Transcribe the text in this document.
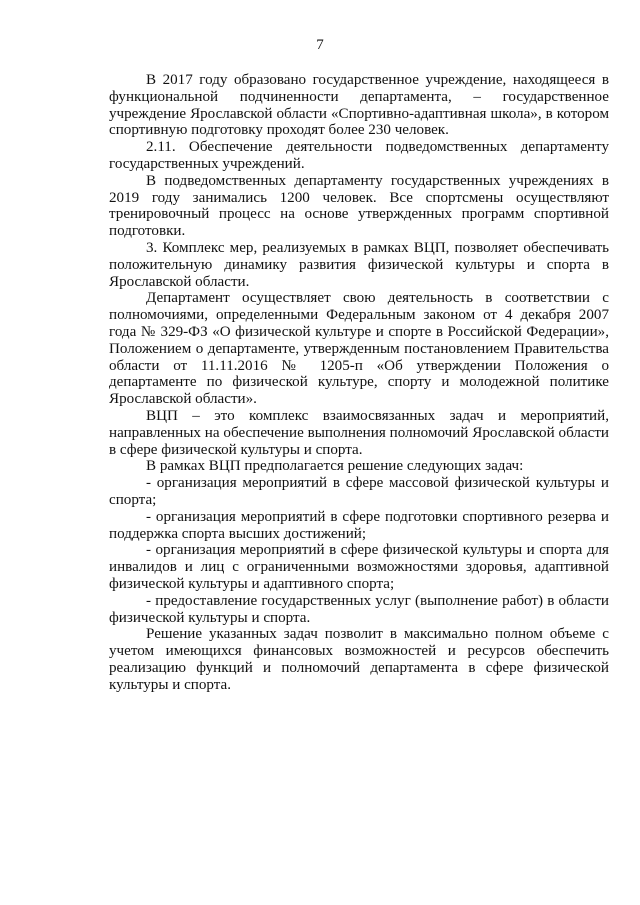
7

В 2017 году образовано государственное учреждение, находящееся в функциональной подчиненности департамента, – государственное учреждение Ярославской области «Спортивно-адаптивная школа», в котором спортивную подготовку проходят более 230 человек.

2.11. Обеспечение деятельности подведомственных департаменту государственных учреждений.

В подведомственных департаменту государственных учреждениях в 2019 году занимались 1200 человек. Все спортсмены осуществляют тренировочный процесс на основе утвержденных программ спортивной подготовки.

3. Комплекс мер, реализуемых в рамках ВЦП, позволяет обеспечивать положительную динамику развития физической культуры и спорта в Ярославской области.

Департамент осуществляет свою деятельность в соответствии с полномочиями, определенными Федеральным законом от 4 декабря 2007 года № 329-ФЗ «О физической культуре и спорте в Российской Федерации», Положением о департаменте, утвержденным постановлением Правительства области от 11.11.2016 № 1205-п «Об утверждении Положения о департаменте по физической культуре, спорту и молодежной политике Ярославской области».

ВЦП – это комплекс взаимосвязанных задач и мероприятий, направленных на обеспечение выполнения полномочий Ярославской области в сфере физической культуры и спорта.

В рамках ВЦП предполагается решение следующих задач:

- организация мероприятий в сфере массовой физической культуры и спорта;

- организация мероприятий в сфере подготовки спортивного резерва и поддержка спорта высших достижений;

- организация мероприятий в сфере физической культуры и спорта для инвалидов и лиц с ограниченными возможностями здоровья, адаптивной физической культуры и адаптивного спорта;

- предоставление государственных услуг (выполнение работ) в области физической культуры и спорта.

Решение указанных задач позволит в максимально полном объеме с учетом имеющихся финансовых возможностей и ресурсов обеспечить реализацию функций и полномочий департамента в сфере физической культуры и спорта.
